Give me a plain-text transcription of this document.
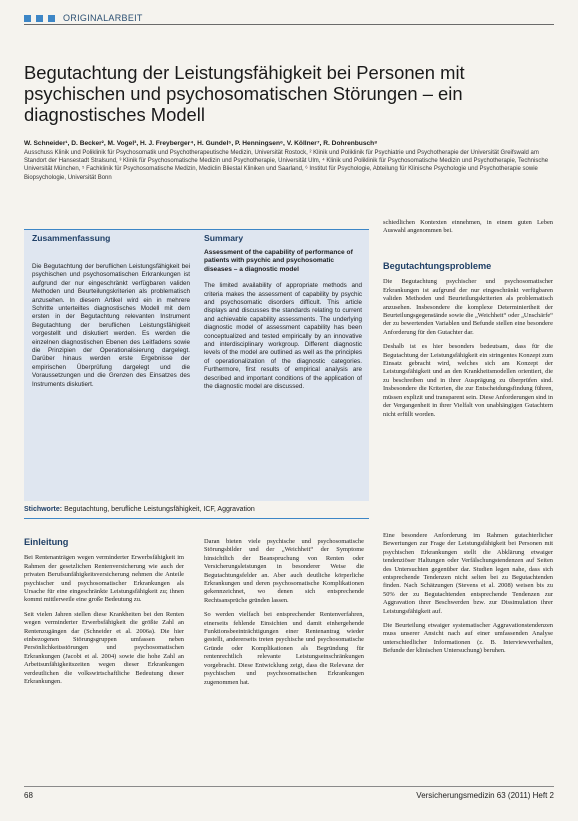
ORIGINALARBEIT
Begutachtung der Leistungsfähigkeit bei Personen mit psychischen und psychosomatischen Störungen – ein diagnostisches Modell
W. Schneider¹, D. Becker², M. Vogel³, H. J. Freyberger⁴, H. Gundel⁵, P. Henningsen⁶, V. Köllner⁷, R. Dohrenbusch⁸
Ausschuss Klinik und Poliklinik für Psychosomatik und Psychotherapeutische Medizin, Universität Rostock, ² Klinik und Poliklinik für Psychiatrie und Psychotherapie der Universität Greifswald am Standort der Hansestadt Stralsund, ³ Klinik für Psychosomatische Medizin und Psychotherapie, Universität Ulm, ⁴ Klinik und Poliklinik für Psychosomatische Medizin und Psychotherapie, Technische Universität München, ⁵ Fachklinik für Psychosomatische Medizin, Mediclin Bliestal Kliniken und Saarland, ⁶ Institut für Psychologie, Abteilung für Klinische Psychologie und Psychotherapie sowie Biopsychologie, Universität Bonn
Zusammenfassung
Die Begutachtung der beruflichen Leistungsfähigkeit bei psychischen und psychosomatischen Erkrankungen ist aufgrund der nur eingeschränkt verfügbaren validen Methoden und Beurteilungskriterien als problematisch anzusehen. In diesem Artikel wird ein in mehrere Schritte unterteiltes diagnostisches Modell mit dem ersten in der Begutachtung relevanten Instrument Begutachtung der beruflichen Leistungsfähigkeit vorgestellt und diskutiert werden. Es werden die einzelnen diagnostischen Ebenen des Leitfadens sowie die Prinzipien der Operationalisierung dargelegt. Darüber hinaus werden erste Ergebnisse der empirischen Überprüfung dargelegt und die Voraussetzungen und die Grenzen des Einsatzes des Instruments diskutiert.
Summary
Assessment of the capability of performance of patients with psychic and psychosomatic diseases – a diagnostic model
The limited availability of appropriate methods and criteria makes the assessment of capability by psychic and psychosomatic disorders difficult. This article displays and discusses the standards relating to current and achievable capability assessments. The underlying diagnostic model of assessment capability has been conceptualized and tested empirically by an innovative and interdisciplinary workgroup. Different diagnostic levels of the model are outlined as well as the principles of operationalization of the diagnostic categories. Furthermore, first results of empirical analysis are described and important conditions of the application of the diagnostic model are discussed.
Stichworte: Begutachtung, berufliche Leistungsfähigkeit, ICF, Aggravation
Einleitung

Bei Rentenanträgen wegen verminderter Erwerbsfähigkeit im Rahmen der gesetzlichen Rentenversicherung wie auch der privaten Berufsunfähigkeitsversicherung nehmen die Anteile psychischer und psychosomatischer Erkrankungen als Ursache für eine eingeschränkte Leistungsfähigkeit zu; ihnen kommt mittlerweile eine große Bedeutung zu.

Seit vielen Jahren stellen diese Krankheiten bei den Renten wegen verminderter Erwerbsfähigkeit die größte Zahl an Rentenzugängen dar (Schneider et al. 2006a). Die hier einbezogenen Störungsgruppen umfassen neben Persönlichkeitsstörungen und psychosomatischen Erkrankungen (Jacobi et al. 2004) sowie die hohe Zahl an Arbeitsunfähigkeitszeiten wegen dieser Erkrankungen verdeutlichen die volkswirtschaftliche Bedeutung dieser Erkrankungen.

Daran bieten viele psychische und psychosomatische Störungsbilder und der „Weichheit“ der Symptome hinsichtlich der Beanspruchung von Renten oder Versicherungsleistungen in besonderer Weise die Begutachtungsfelder an. Aber auch deutliche körperliche Erkrankungen und deren psychosomatische Komplikationen gekennzeichnet, wo denen sich entsprechende Rechtsansprüche gründen lassen.

So werden vielfach bei entsprechender Rentenverfahren, einerseits fehlende Einsichten und damit einhergehende Funktionsbeeinträchtigungen einer Rentenantrag wieder gestellt, andererseits treten psychische und psychosomatische Gründe oder Komplikationen als Begründung für rentenrechtlich relevante Leistungseinschränkungen vorgebracht. Diese Entwicklung zeigt, dass die Relevanz der psychischen und psychosomatischen Erkrankungen zugenommen hat.

schiedlichen Kontexten einnehmen, in einem guten Leben Auswahl angenommen bei.

Begutachtungsprobleme

Die Begutachtung psychischer und psychosomatischer Erkrankungen ist aufgrund der nur eingeschränkt verfügbaren validen Methoden und Beurteilungskriterien als problematisch anzusehen. Insbesondere die komplexe Determiniertheit der Beurteilungsgegenstände sowie die „Weichheit“ oder „Unschärfe“ der zu bewertenden Variablen und Befunde stellen eine besondere Anforderung für den Gutachter dar.

Deshalb ist es hier besonders bedeutsam, dass für die Begutachtung der Leistungsfähigkeit ein stringentes Konzept zum Einsatz gebracht wird, welches sich am Konzept der Leistungsfähigkeit und an den Krankheitsmodellen orientiert, die zu beschreiben und in ihrer Ausprägung zu überprüfen sind. Insbesondere die Kriterien, die zur Entscheidungsfindung führen, müssen explizit und transparent sein. Diese Anforderungen sind in der Vergangenheit in ihrer Vielfalt von unabhängigen Gutachtern nicht erfüllt worden.

Eine besondere Anforderung im Rahmen gutachterlicher Bewertungen zur Frage der Leistungsfähigkeit bei Personen mit psychischen Erkrankungen stellt die Abklärung etwaiger tendenziöser Haltungen oder Verfälschungstendenzen auf Seiten des Untersuchten gegenüber dar. Studien legen nahe, dass sich entsprechende Tendenzen nicht selten bei zu Begutachtenden finden. Nach Schätzungen (Stevens et al. 2008) weisen bis zu 50% der zu Begutachtenden entsprechende Tendenzen zur Aggravation ihrer Beschwerden bzw. zur Dissimulation ihrer Leistungsfähigkeit auf.

Die Beurteilung etwaiger systematischer Aggravationstendenzen muss unserer Ansicht nach auf einer umfassenden Analyse unterschiedlicher Informationen (z. B. Interviewverhalten, Befunde der klinischen Untersuchung) beruhen.

68	Versicherungsmedizin 63 (2011) Heft 2
